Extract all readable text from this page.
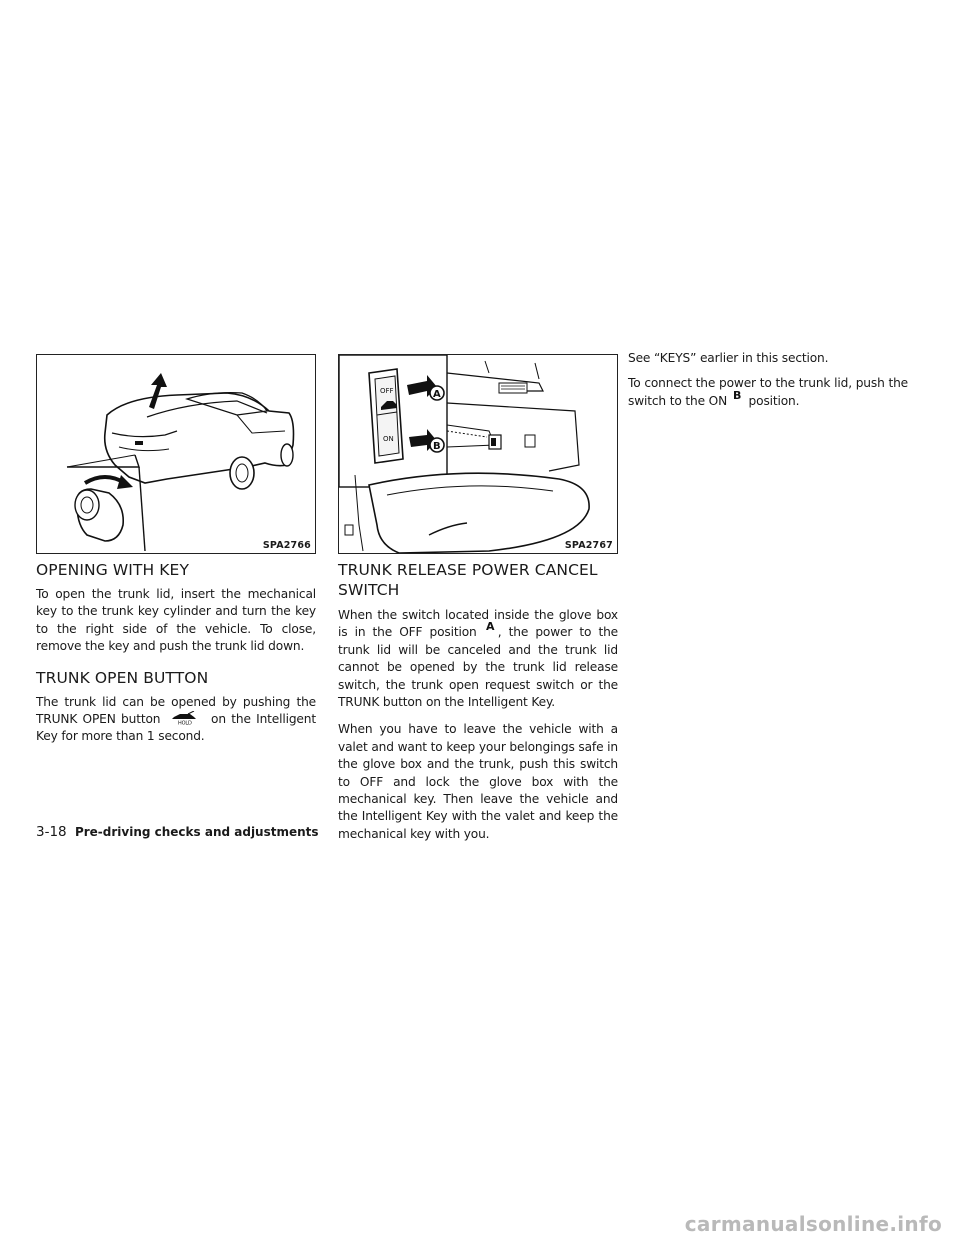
SPA2766
OPENING WITH KEY

To open the trunk lid, insert the mechanical key to the trunk key cylinder and turn the key to the right side of the vehicle. To close, remove the key and push the trunk lid down.

TRUNK OPEN BUTTON

The trunk lid can be opened by pushing the TRUNK OPEN button	HOLD on the Intelligent Key for more than 1 second.

OFF
ON
A
B
SPA2767
TRUNK RELEASE POWER CANCEL SWITCH

When the switch located inside the glove box is in the OFF position A , the power to the trunk lid will be canceled and the trunk lid cannot be opened by the trunk lid release switch, the trunk open request switch or the TRUNK button on the Intelligent Key.

When you have to leave the vehicle with a valet and want to keep your belongings safe in the glove box and the trunk, push this switch to OFF and lock the glove box with the mechanical key. Then leave the vehicle and the Intelligent Key with the valet and keep the mechanical key with you.

See “KEYS” earlier in this section.

To connect the power to the trunk lid, push the switch to the ON B position.

3-18 Pre-driving checks and adjustments
carmanualsonline.info
